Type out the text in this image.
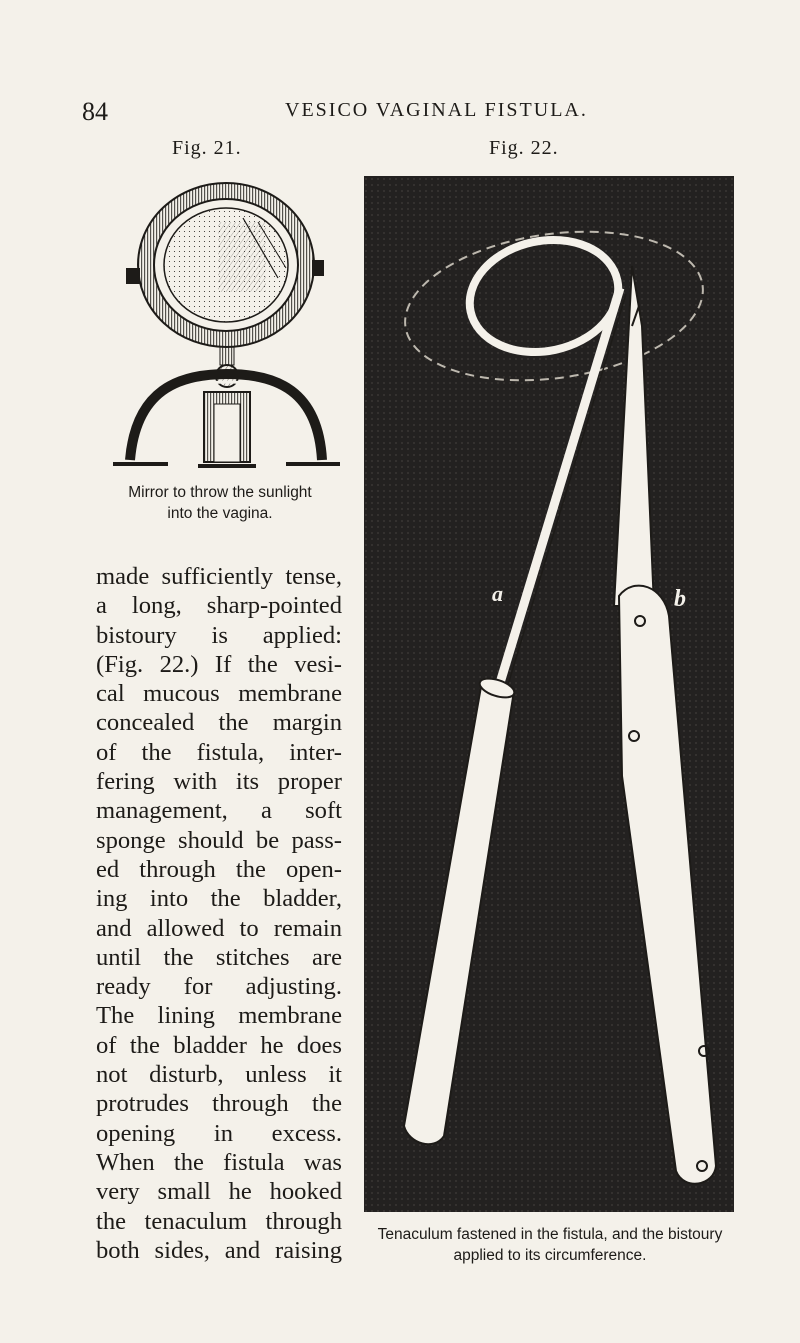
84	VESICO VAGINAL FISTULA.
Fig. 21.	Fig. 22.
Mirror to throw the sunlight
into the vagina.
made sufficiently tense,
a long, sharp-pointed
bistoury is applied:
(Fig. 22.) If the vesi-
cal mucous membrane
concealed the margin
of the fistula, inter-
fering with its proper
management, a soft
sponge should be pass-
ed through the open-
ing into the bladder,
and allowed to remain
until the stitches are
ready for adjusting.
The lining membrane
of the bladder he does
not disturb, unless it
protrudes through the
opening in excess.
When the fistula was
very small he hooked
the tenaculum through
both sides, and raising
a	b
Tenaculum fastened in the fistula, and the bistoury
applied to its circumference.
